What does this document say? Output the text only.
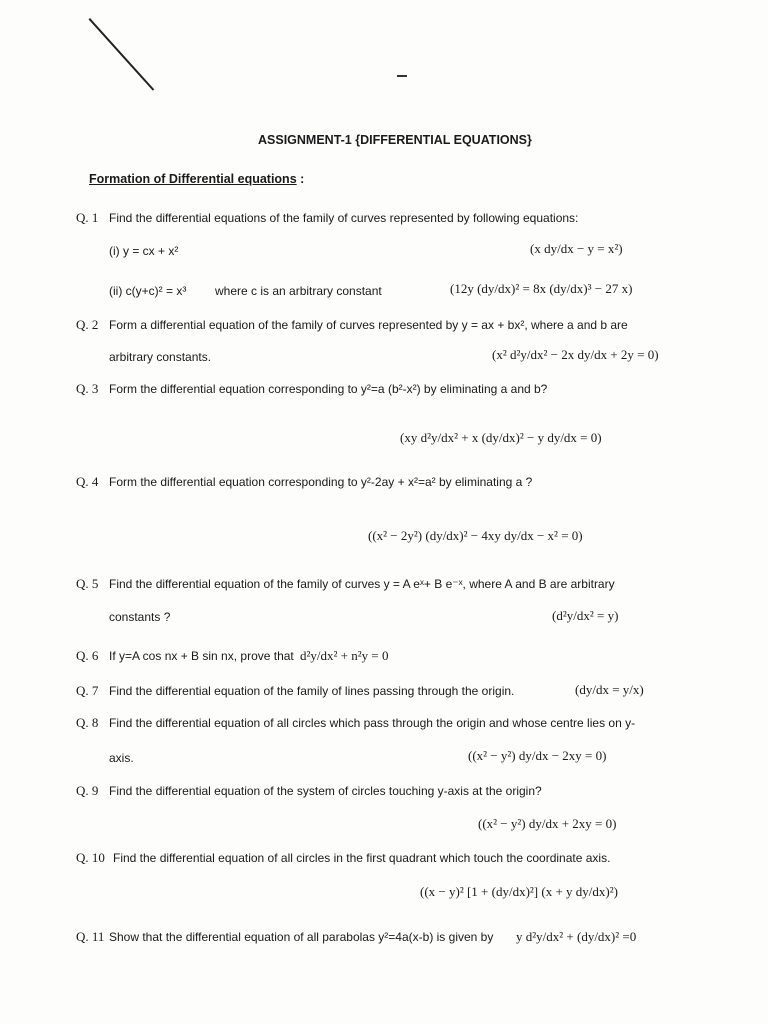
ASSIGNMENT-1 {DIFFERENTIAL EQUATIONS}
Formation of Differential equations :
Q. 1 Find the differential equations of the family of curves represented by following equations:
(i) y = cx + x²	(x dy/dx − y = x²)
(ii) c(y+c)² = x³ where c is an arbitrary constant	(12y (dy/dx)² = 8x (dy/dx)³ − 27 x)
Q. 2 Form a differential equation of the family of curves represented by y = ax + bx², where a and b are
arbitrary constants.	(x² d²y/dx² − 2x dy/dx + 2y = 0)
Q. 3 Form the differential equation corresponding to y²=a (b²-x²) by eliminating a and b?
(xy d²y/dx² + x (dy/dx)² − y dy/dx = 0)
Q. 4 Form the differential equation corresponding to y²-2ay + x²=a² by eliminating a ?
((x² − 2y²) (dy/dx)² − 4xy dy/dx − x² = 0)
Q. 5 Find the differential equation of the family of curves y = A eˣ+ B e⁻ˣ, where A and B are arbitrary
constants ?	(d²y/dx² = y)
Q. 6 If y=A cos nx + B sin nx, prove that d²y/dx² + n²y = 0
Q. 7 Find the differential equation of the family of lines passing through the origin.	(dy/dx = y/x)
Q. 8 Find the differential equation of all circles which pass through the origin and whose centre lies on y-
axis.	((x² − y²) dy/dx − 2xy = 0)
Q. 9 Find the differential equation of the system of circles touching y-axis at the origin?
((x² − y²) dy/dx + 2xy = 0)
Q. 10 Find the differential equation of all circles in the first quadrant which touch the coordinate axis.
((x − y)² [1 + (dy/dx)²] (x + y dy/dx)²)
Q. 11 Show that the differential equation of all parabolas y²=4a(x-b) is given by y d²y/dx² + (dy/dx)² =0
